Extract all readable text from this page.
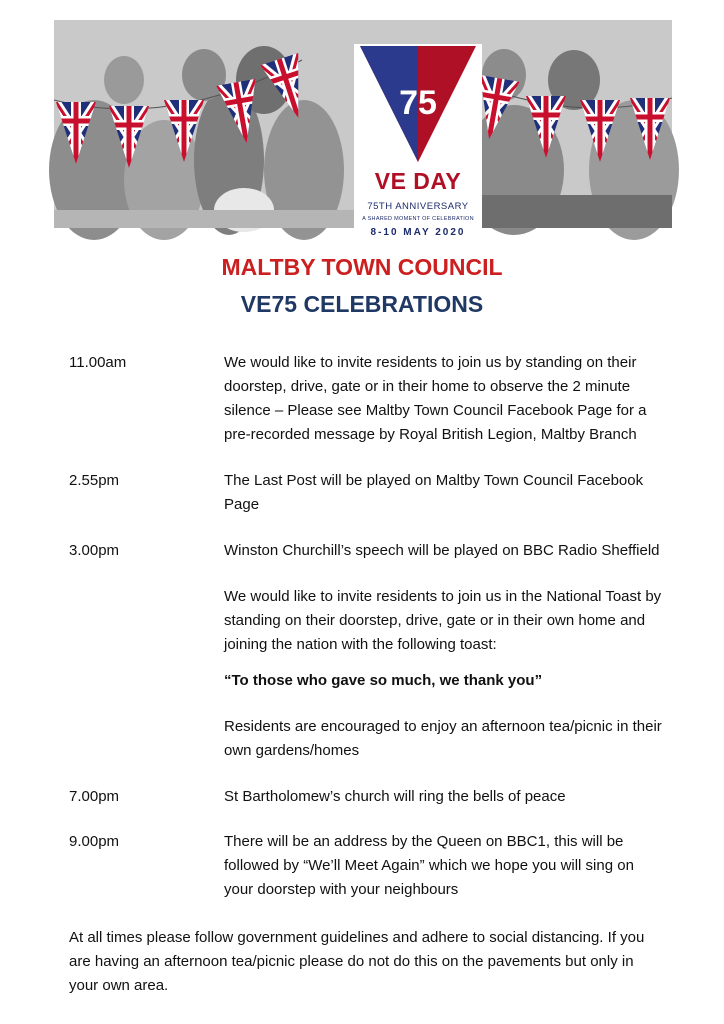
75
VE DAY
75TH ANNIVERSARY
A SHARED MOMENT OF CELEBRATION
8-10 MAY 2020
MALTBY TOWN COUNCIL
VE75 CELEBRATIONS
11.00am	We would like to invite residents to join us by standing on their
doorstep, drive, gate or in their home to observe the 2 minute
silence – Please see Maltby Town Council Facebook Page for a
pre-recorded message by Royal British Legion, Maltby Branch
2.55pm	The Last Post will be played on Maltby Town Council Facebook
Page
3.00pm	Winston Churchill’s speech will be played on BBC Radio Sheffield
We would like to invite residents to join us in the National Toast by
standing on their doorstep, drive, gate or in their own home and
joining the nation with the following toast:
“To those who gave so much, we thank you”
Residents are encouraged to enjoy an afternoon tea/picnic in their
own gardens/homes
7.00pm	St Bartholomew’s church will ring the bells of peace
9.00pm	There will be an address by the Queen on BBC1, this will be
followed by “We’ll Meet Again” which we hope you will sing on
your doorstep with your neighbours
At all times please follow government guidelines and adhere to social distancing. If you
are having an afternoon tea/picnic please do not do this on the pavements but only in
your own area.
